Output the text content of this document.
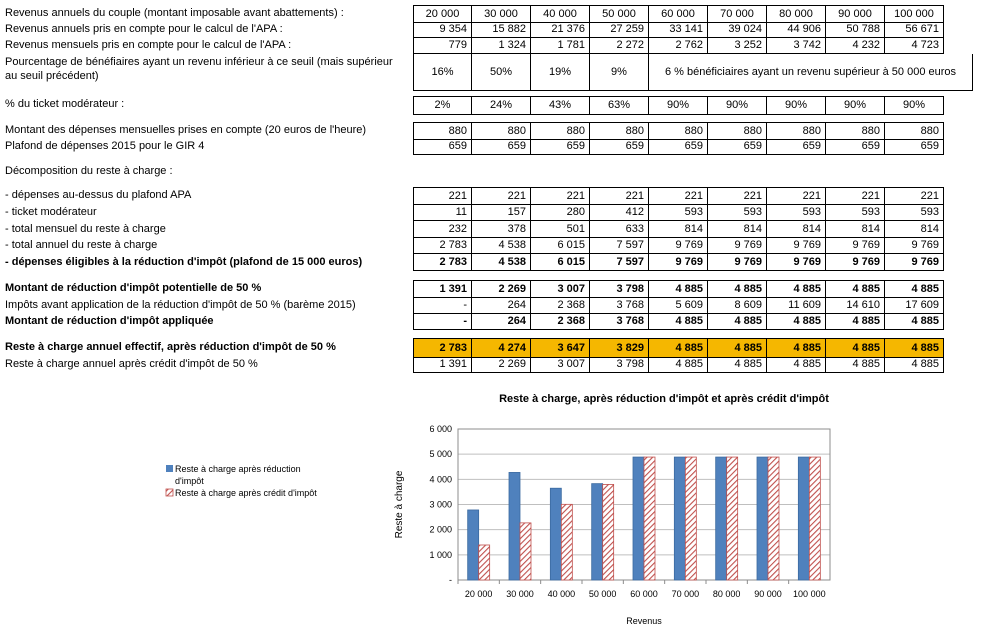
Revenus annuels du couple (montant imposable avant abattements) :	20 000	30 000	40 000	50 000	60 000	70 000	80 000	90 000	100 000
Revenus annuels pris en compte pour le calcul de l'APA :	9 354	15 882	21 376	27 259	33 141	39 024	44 906	50 788	56 671
Revenus mensuels pris en compte pour le calcul de l'APA :	779	1 324	1 781	2 272	2 762	3 252	3 742	4 232	4 723
Pourcentage de bénéfiaires ayant un revenu inférieur à ce seuil (mais supérieur au seuil précédent)	16%	50%	19%	9%	6 % bénéficiaires ayant un revenu supérieur à 50 000 euros
% du ticket modérateur :	2%	24%	43%	63%	90%	90%	90%	90%	90%
Montant des dépenses mensuelles prises en compte (20 euros de l'heure)	880	880	880	880	880	880	880	880	880
Plafond de dépenses 2015 pour le GIR 4	659	659	659	659	659	659	659	659	659
Décomposition du reste à charge :
- dépenses au-dessus du plafond APA	221	221	221	221	221	221	221	221	221
- ticket modérateur	11	157	280	412	593	593	593	593	593
- total mensuel du reste à charge	232	378	501	633	814	814	814	814	814
- total annuel du reste à charge	2 783	4 538	6 015	7 597	9 769	9 769	9 769	9 769	9 769
- dépenses éligibles à la réduction d'impôt (plafond de 15 000 euros)	2 783	4 538	6 015	7 597	9 769	9 769	9 769	9 769	9 769
Montant de réduction d'impôt potentielle de 50 %	1 391	2 269	3 007	3 798	4 885	4 885	4 885	4 885	4 885
Impôts avant application de la réduction d'impôt de 50 % (barème 2015)	-	264	2 368	3 768	5 609	8 609	11 609	14 610	17 609
Montant de réduction d'impôt appliquée	-	264	2 368	3 768	4 885	4 885	4 885	4 885	4 885
Reste à charge annuel effectif, après réduction d'impôt de 50 %	2 783	4 274	3 647	3 829	4 885	4 885	4 885	4 885	4 885
Reste à charge annuel après crédit d'impôt de 50 %	1 391	2 269	3 007	3 798	4 885	4 885	4 885	4 885	4 885
Reste à charge, après réduction d'impôt et après crédit d'impôt
-
1 000
2 000
3 000
4 000
5 000
6 000
Reste à charge
20 000 30 000 40 000 50 000 60 000 70 000 80 000 90 000 100 000
Revenus
Reste à charge après réduction
d'impôt
Reste à charge après crédit d'impôt
